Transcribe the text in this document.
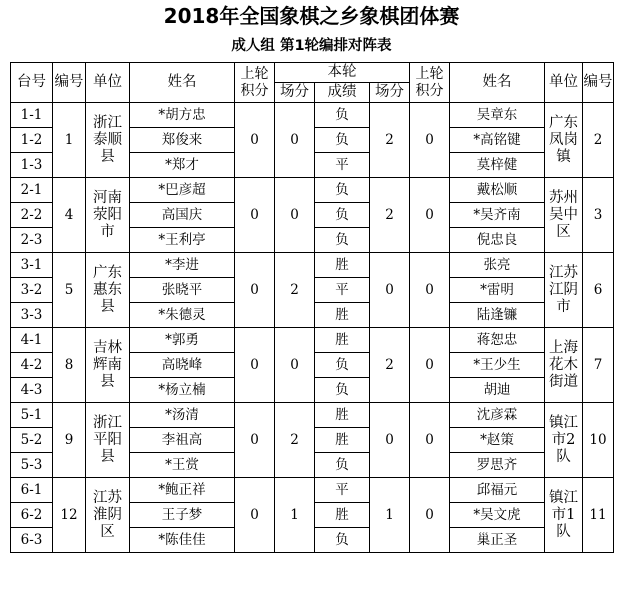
2018年全国象棋之乡象棋团体赛
成人组 第1轮编排对阵表
台号	编号	单位	姓名	上轮积分	本轮			上轮积分	姓名	单位	编号
					场分	成绩	场分				
1-1	1	浙江泰顺县	*胡方忠	0	0	负	2	0	吴章东	广东凤岗镇	2
1-2			郑俊来			负			*高铭键		
1-3			*郑才			平			莫梓健		
2-1	4	河南荥阳市	*巴彦超	0	0	负	2	0	戴松顺	苏州吴中区	3
2-2			高国庆			负			*吴齐南		
2-3			*王利亭			负			倪忠良		
3-1	5	广东惠东县	*李进	0	2	胜	0	0	张亮	江苏江阴市	6
3-2			张晓平			平			*雷明		
3-3			*朱德灵			胜			陆逢镰		
4-1	8	吉林辉南县	*郭勇	0	0	胜	2	0	蒋恕忠	上海花木街道	7
4-2			高晓峰			负			*王少生		
4-3			*杨立楠			负			胡迪		
5-1	9	浙江平阳县	*汤清	0	2	胜	0	0	沈彦霖	镇江市2队	10
5-2			李祖高			胜			*赵策		
5-3			*王赏			负			罗思齐		
6-1	12	江苏淮阴区	*鲍正祥	0	1	平	1	0	邱福元	镇江市1队	11
6-2			王子梦			胜			*吴文虎		
6-3			*陈佳佳			负			巢正圣		
